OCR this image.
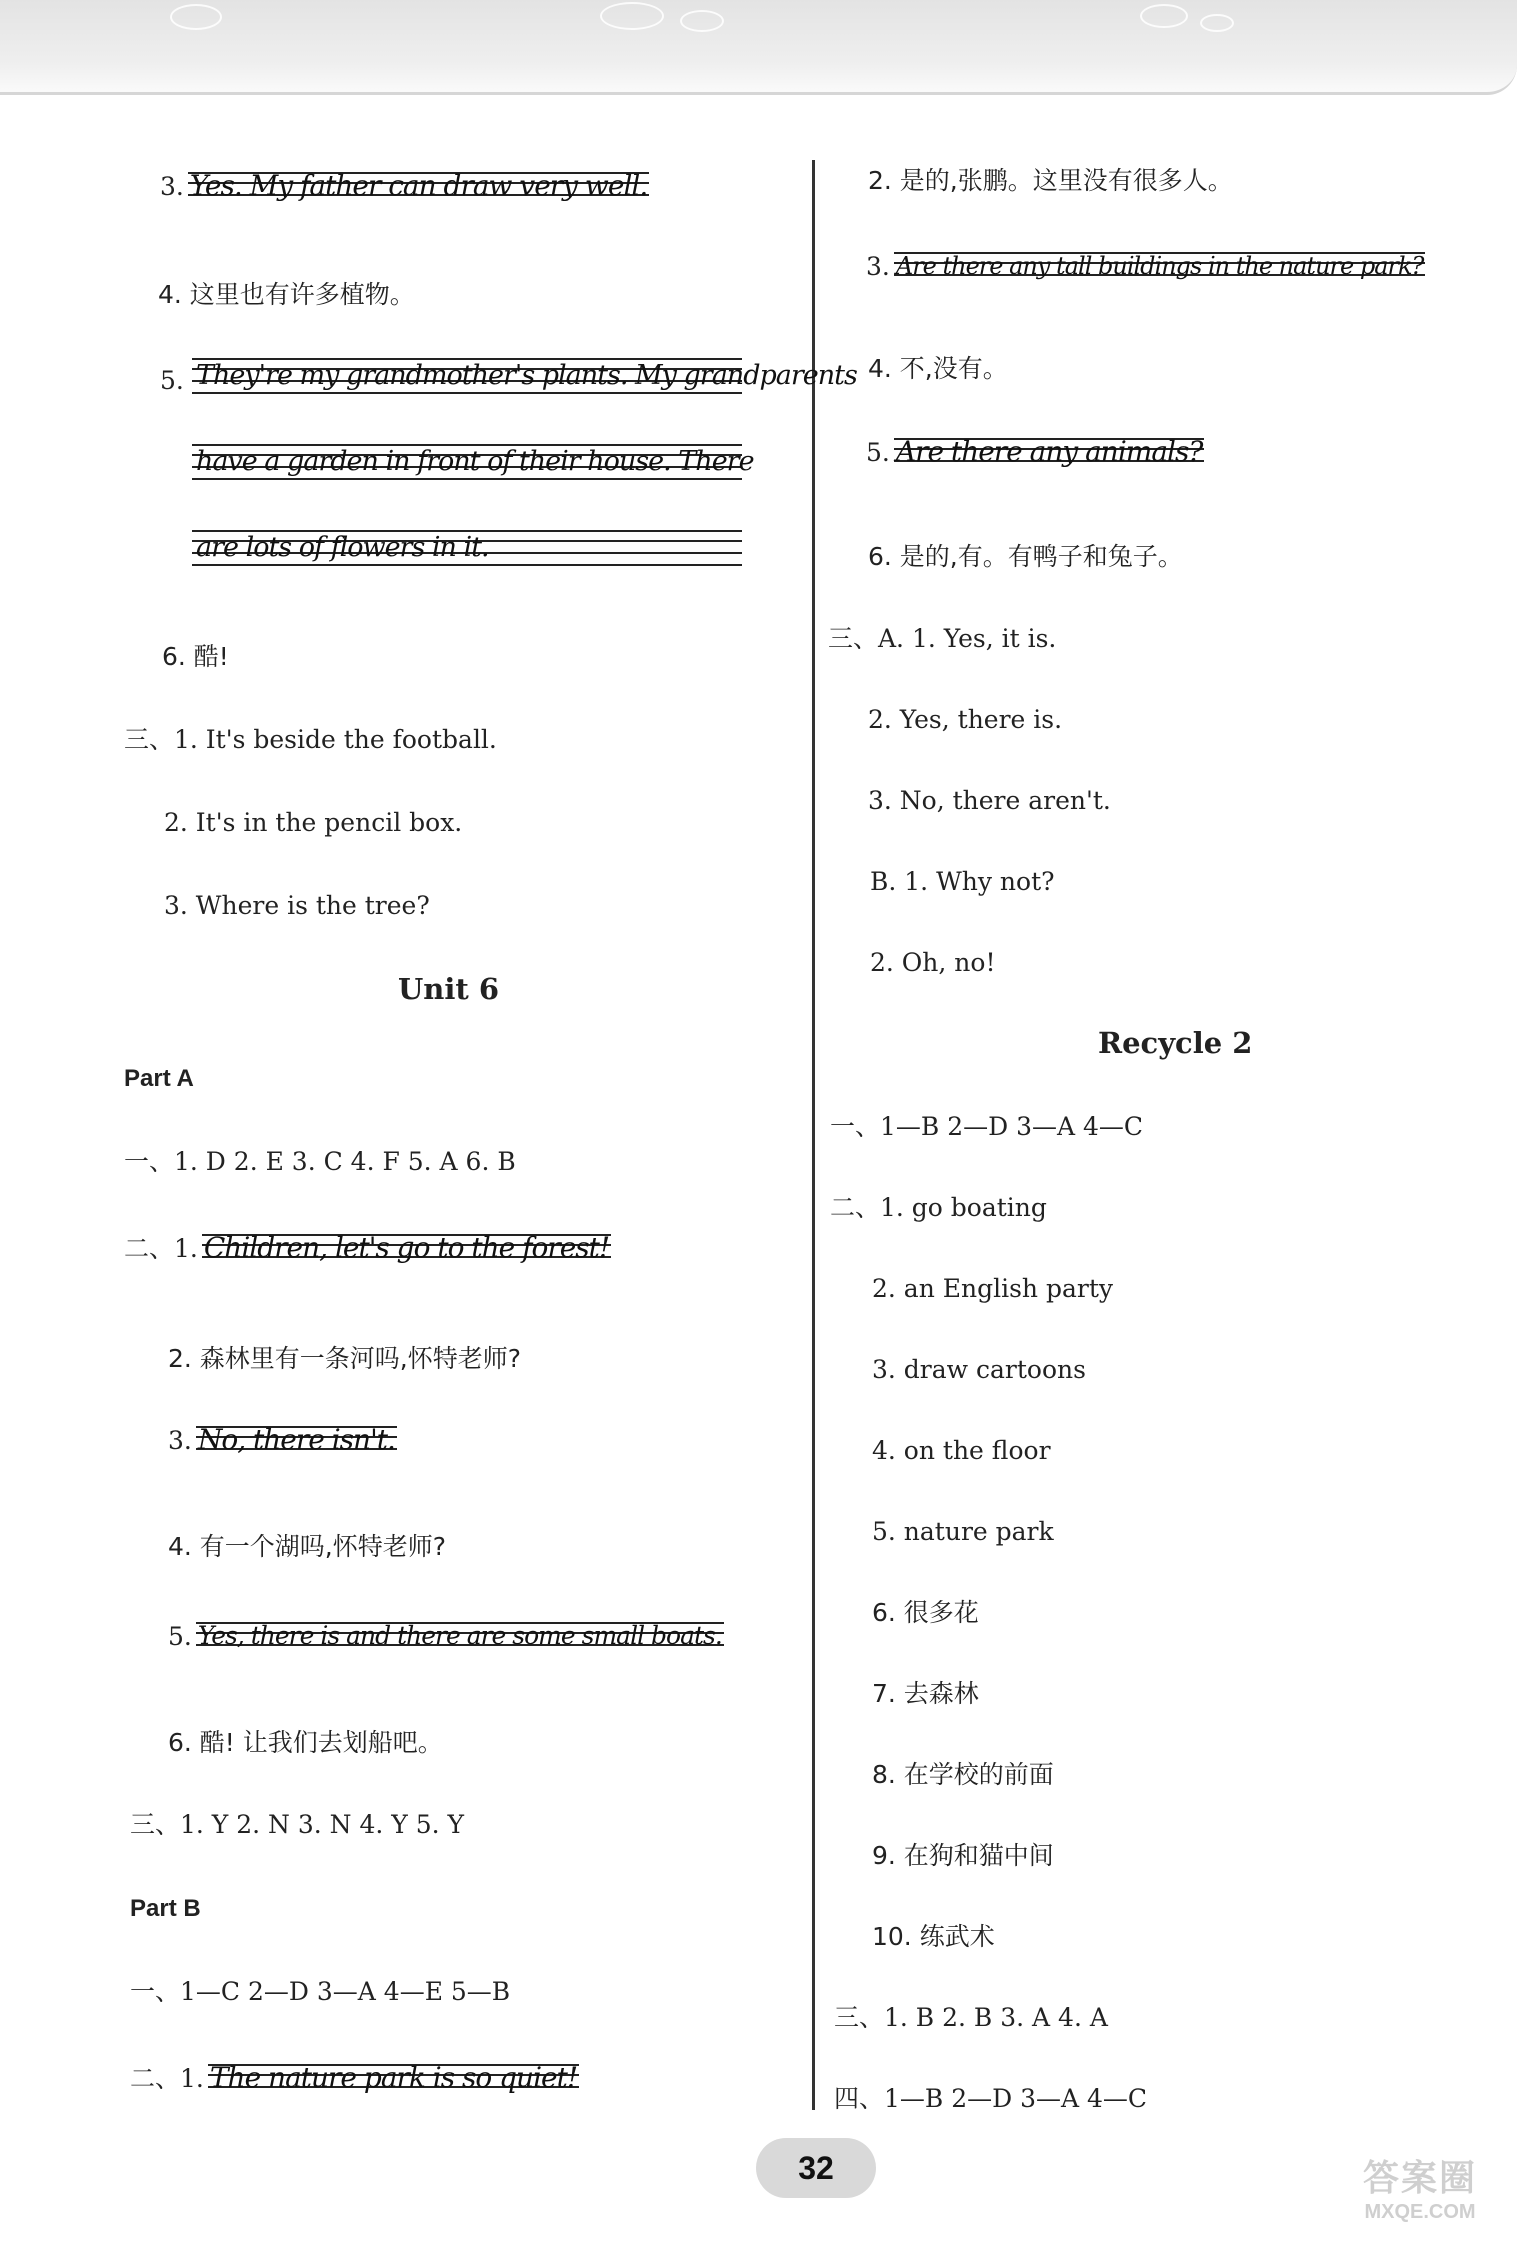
3. Yes. My father can draw very well.
4. 这里也有许多植物。
5. They're my grandmother's plants. My grandparents
have a garden in front of their house. There
are lots of flowers in it.
6. 酷!
三、1. It's beside the football.
2. It's in the pencil box.
3. Where is the tree?
Unit 6
Part A
一、1. D 2. E 3. C 4. F 5. A 6. B
二、1. Children, let's go to the forest!
2. 森林里有一条河吗,怀特老师?
3. No, there isn't.
4. 有一个湖吗,怀特老师?
5. Yes, there is and there are some small boats.
6. 酷! 让我们去划船吧。
三、1. Y 2. N 3. N 4. Y 5. Y
Part B
一、1—C 2—D 3—A 4—E 5—B
二、1. The nature park is so quiet!
2. 是的,张鹏。这里没有很多人。
3. Are there any tall buildings in the nature park?
4. 不,没有。
5. Are there any animals?
6. 是的,有。有鸭子和兔子。
三、A. 1. Yes, it is.
2. Yes, there is.
3. No, there aren't.
B. 1. Why not?
2. Oh, no!
Recycle 2
一、1—B 2—D 3—A 4—C
二、1. go boating
2. an English party
3. draw cartoons
4. on the floor
5. nature park
6. 很多花
7. 去森林
8. 在学校的前面
9. 在狗和猫中间
10. 练武术
三、1. B 2. B 3. A 4. A
四、1—B 2—D 3—A 4—C
32	答案圈
MXQE.COM
